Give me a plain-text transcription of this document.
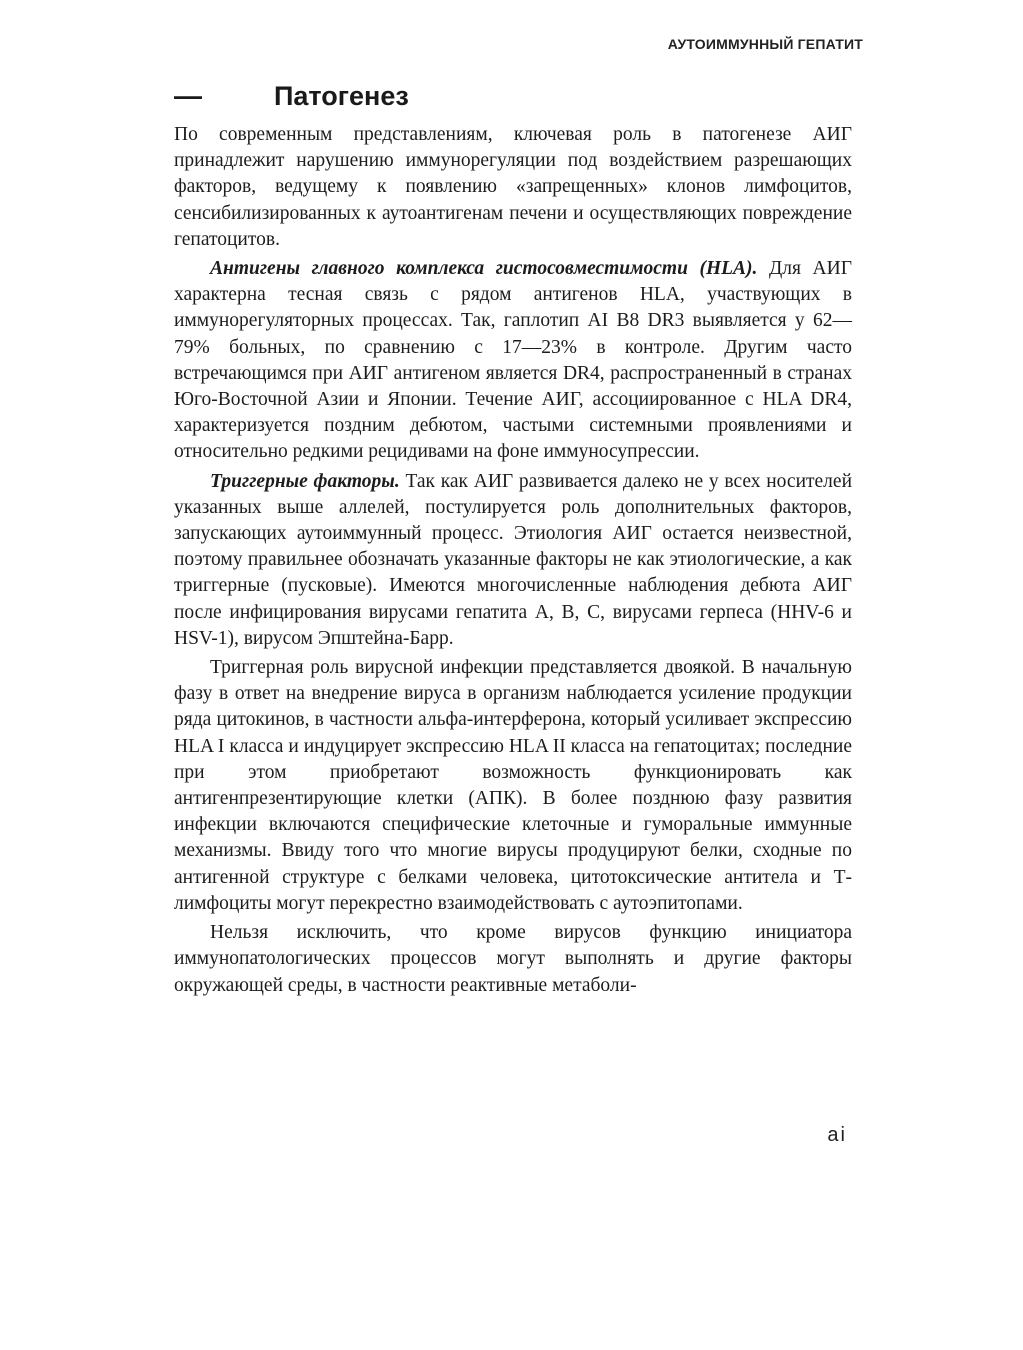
АУТОИММУННЫЙ ГЕПАТИТ
—	Патогенез

По современным представлениям, ключевая роль в патогенезе АИГ принадлежит нарушению иммунорегуляции под воздействием разрешающих факторов, ведущему к появлению «запрещенных» клонов лимфоцитов, сенсибилизированных к аутоантигенам печени и осуществляющих повреждение гепатоцитов.

Антигены главного комплекса гистосовместимости (HLA). Для АИГ характерна тесная связь с рядом антигенов HLA, участвующих в иммунорегуляторных процессах. Так, гаплотип AI B8 DR3 выявляется у 62—79% больных, по сравнению с 17—23% в контроле. Другим часто встречающимся при АИГ антигеном является DR4, распространенный в странах Юго-Восточной Азии и Японии. Течение АИГ, ассоциированное с HLA DR4, характеризуется поздним дебютом, частыми системными проявлениями и относительно редкими рецидивами на фоне иммуносупрессии.

Триггерные факторы. Так как АИГ развивается далеко не у всех носителей указанных выше аллелей, постулируется роль дополнительных факторов, запускающих аутоиммунный процесс. Этиология АИГ остается неизвестной, поэтому правильнее обозначать указанные факторы не как этиологические, а как триггерные (пусковые). Имеются многочисленные наблюдения дебюта АИГ после инфицирования вирусами гепатита А, В, С, вирусами герпеса (HHV-6 и HSV-1), вирусом Эпштейна-Барр.

Триггерная роль вирусной инфекции представляется двоякой. В начальную фазу в ответ на внедрение вируса в организм наблюдается усиление продукции ряда цитокинов, в частности альфа-интерферона, который усиливает экспрессию HLA I класса и индуцирует экспрессию HLA II класса на гепатоцитах; последние при этом приобретают возможность функционировать как антигенпрезентирующие клетки (АПК). В более позднюю фазу развития инфекции включаются специфические клеточные и гуморальные иммунные механизмы. Ввиду того что многие вирусы продуцируют белки, сходные по антигенной структуре с белками человека, цитотоксические антитела и Т-лимфоциты могут перекрестно взаимодействовать с аутоэпитопами.

Нельзя исключить, что кроме вирусов функцию инициатора иммунопатологических процессов могут выполнять и другие факторы окружающей среды, в частности реактивные метаболи-

ai
